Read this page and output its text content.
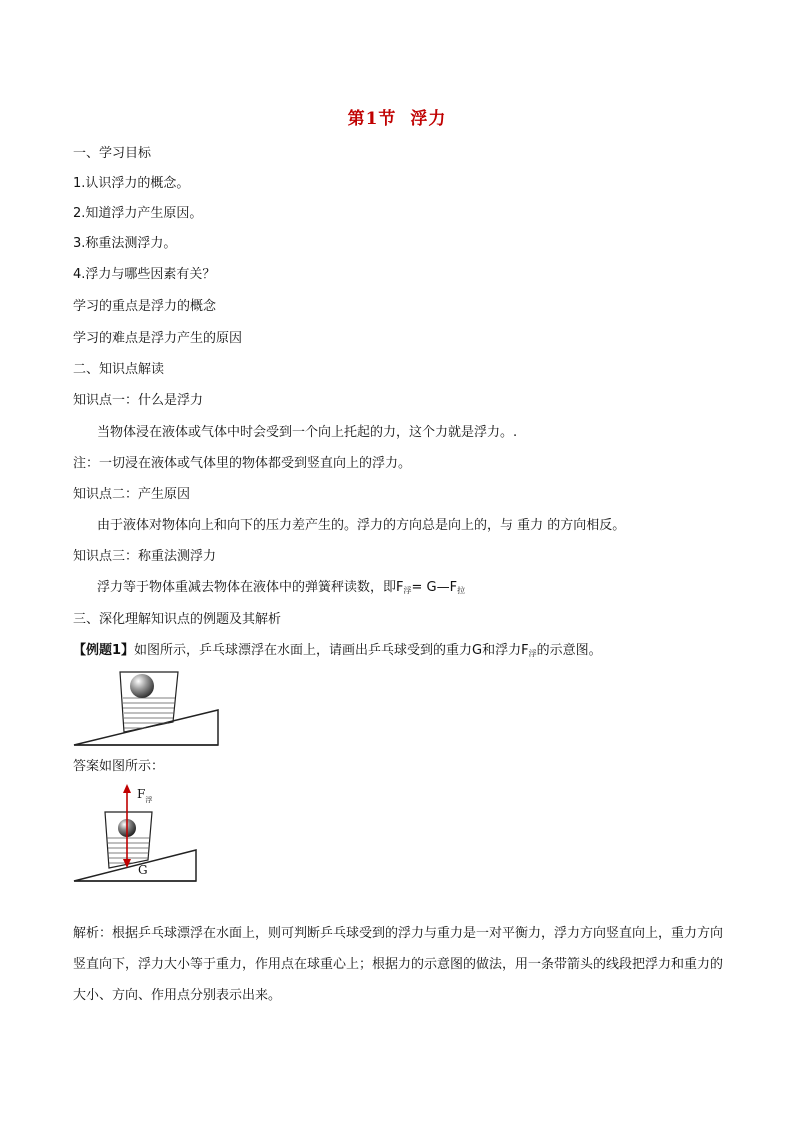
第1节 浮力
一、学习目标
1.认识浮力的概念。
2.知道浮力产生原因。
3.称重法测浮力。
4.浮力与哪些因素有关？
学习的重点是浮力的概念
学习的难点是浮力产生的原因
二、知识点解读
知识点一：什么是浮力
当物体浸在液体或气体中时会受到一个向上托起的力，这个力就是浮力。.
注：一切浸在液体或气体里的物体都受到竖直向上的浮力。
知识点二：产生原因
由于液体对物体向上和向下的压力差产生的。浮力的方向总是向上的，与 重力 的方向相反。
知识点三：称重法测浮力
浮力等于物体重减去物体在液体中的弹簧秤读数，即$F_浮=$ $G—F_拉$
三、深化理解知识点的例题及其解析
【例题1】如图所示，乒乓球漂浮在水面上，请画出乒乓球受到的重力G和浮力$F_浮$的示意图。
答案如图所示：
$F_浮$
G
解析：根据乒乓球漂浮在水面上，则可判断乒乓球受到的浮力与重力是一对平衡力，浮力方向竖直向上，重力方向竖直向下，浮力大小等于重力，作用点在球重心上；根据力的示意图的做法，用一条带箭头的线段把浮力和重力的大小、方向、作用点分别表示出来。
